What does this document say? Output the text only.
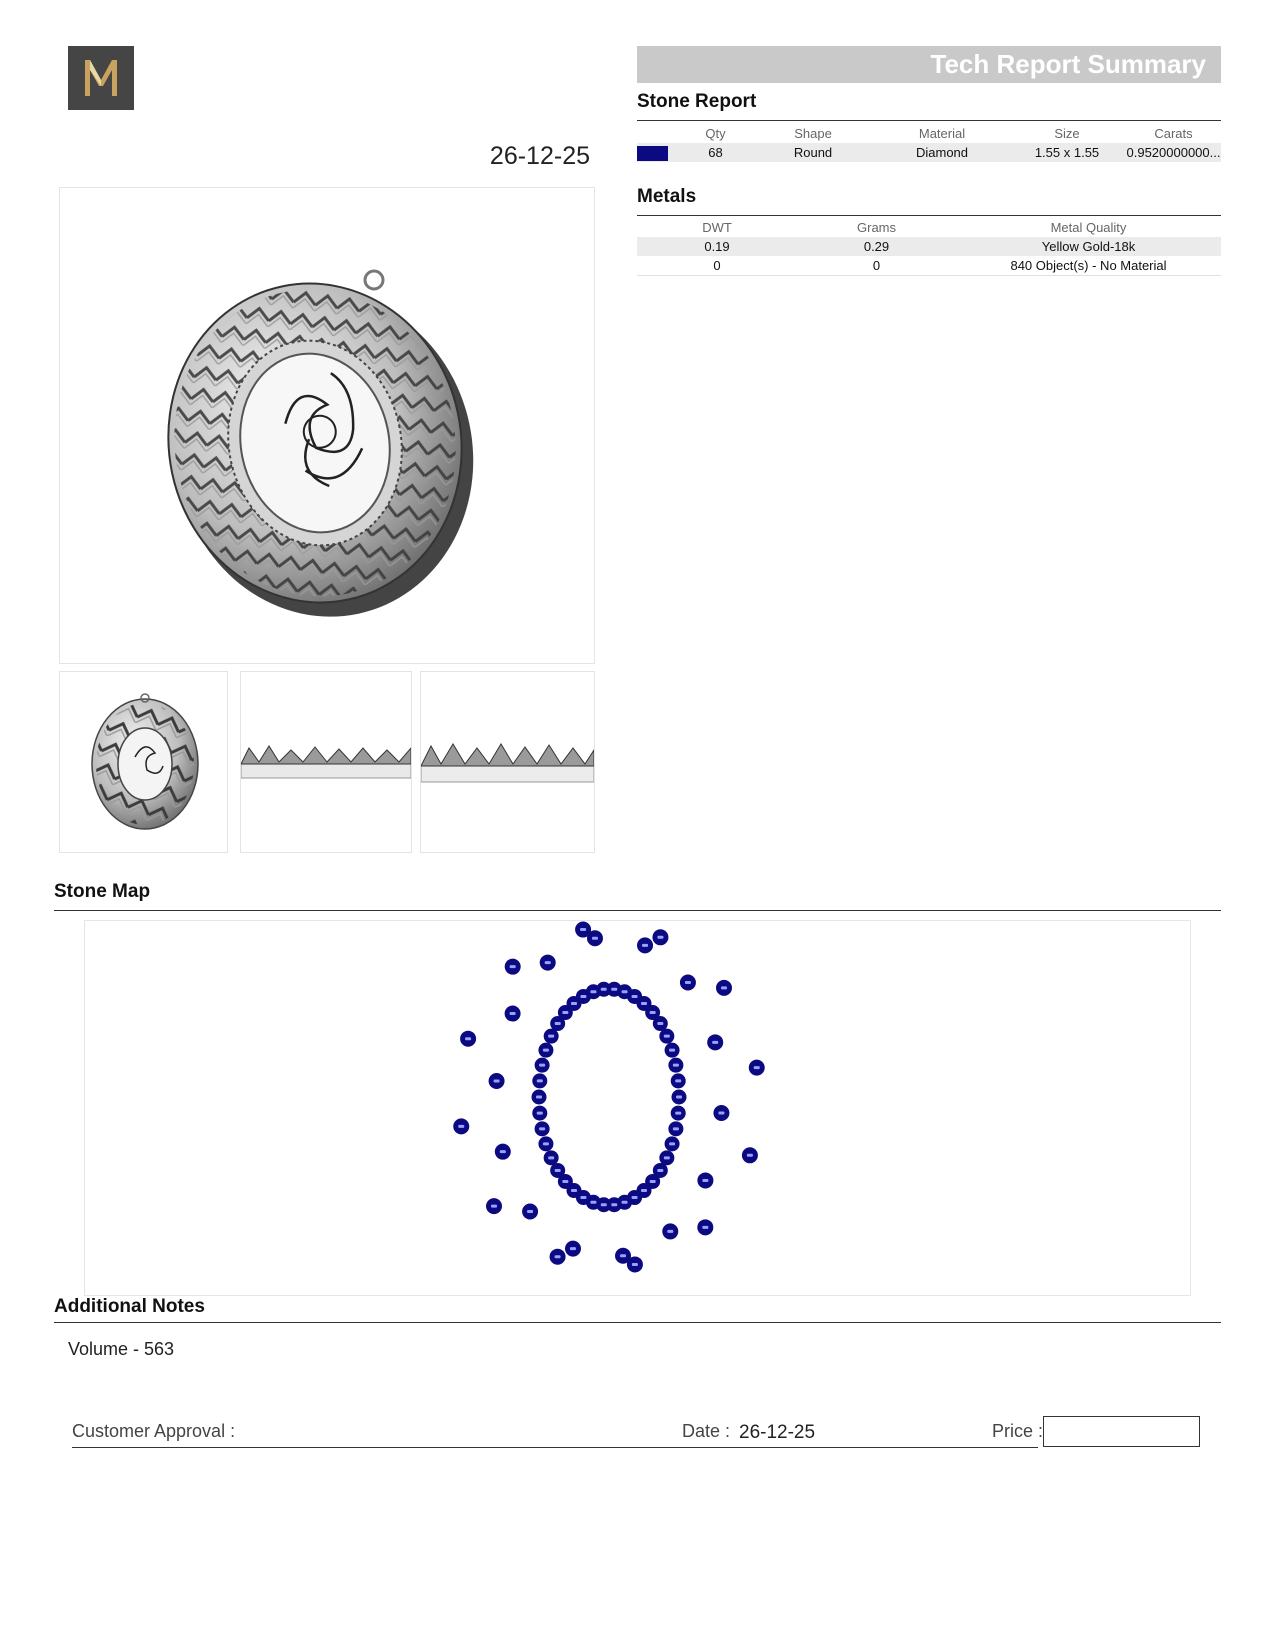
26-12-25
Tech Report Summary
Stone Report
	Qty	Shape	Material	Size	Carats
	68	Round	Diamond	1.55 x 1.55	0.9520000000...
Metals
DWT	Grams	Metal Quality
0.19	0.29	Yellow Gold-18k
0	0	840 Object(s) - No Material
Stone Map
Additional Notes
Volume - 563
Customer Approval :	Date : 26-12-25	Price :
